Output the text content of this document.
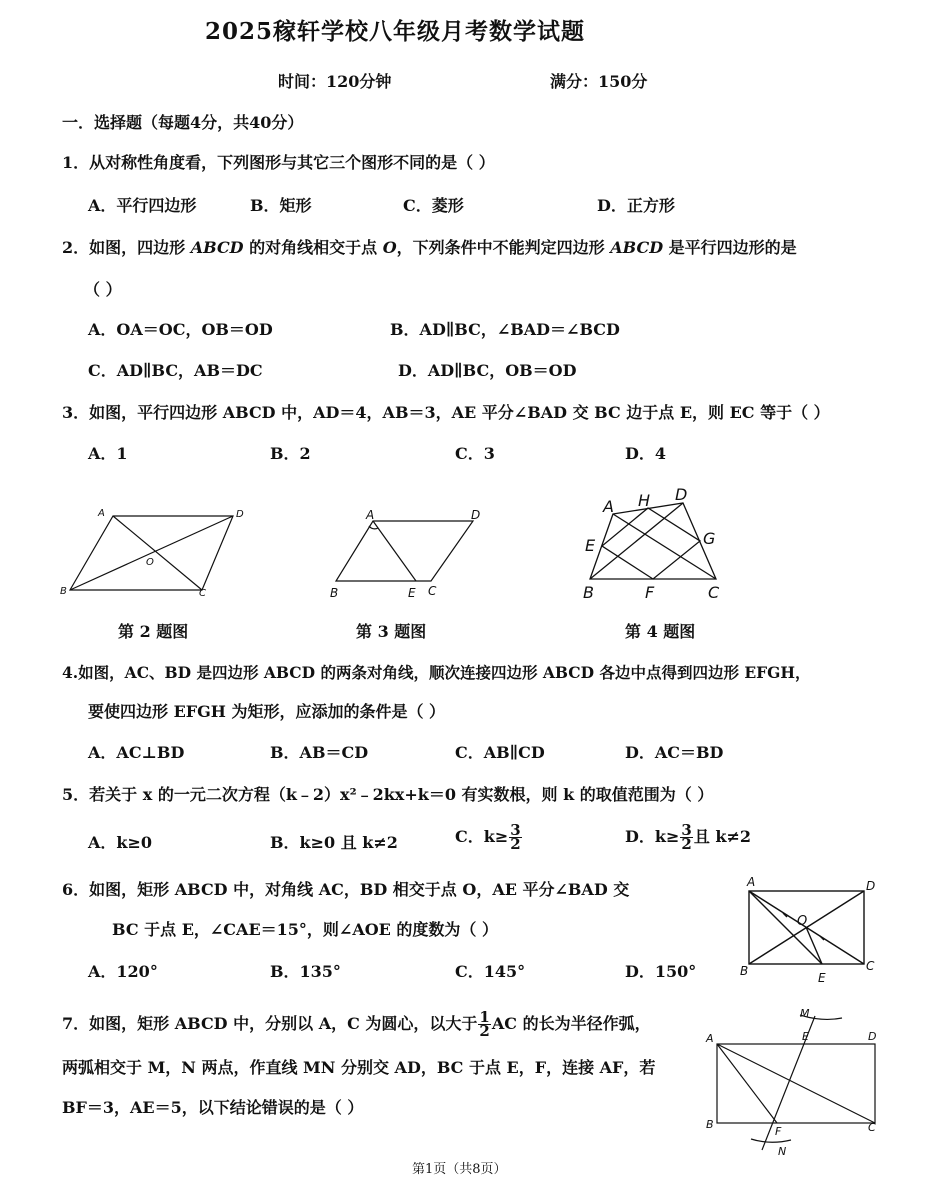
2025稼轩学校八年级月考数学试题
时间：120分钟	满分：150分
一．选择题（每题4分，共40分）
1．从对称性角度看，下列图形与其它三个图形不同的是（ ）
A．平行四边形	B．矩形	C．菱形	D．正方形
2．如图，四边形 ABCD 的对角线相交于点 O，下列条件中不能判定四边形 ABCD 是平行四边形的是
（ ）
A．OA＝OC，OB＝OD	B．AD∥BC，∠BAD＝∠BCD
C．AD∥BC，AB＝DC	D．AD∥BC，OB＝OD
3．如图，平行四边形 ABCD 中，AD＝4，AB＝3，AE 平分∠BAD 交 BC 边于点 E，则 EC 等于（ ）
A．1	B．2	C．3	D．4
A	D
B	C
O
A	D
B	E C
A H D
E	G
B	F	C
第 2 题图	第 3 题图	第 4 题图
4.如图，AC、BD 是四边形 ABCD 的两条对角线，顺次连接四边形 ABCD 各边中点得到四边形 EFGH，
要使四边形 EFGH 为矩形，应添加的条件是（ ）
A．AC⊥BD	B．AB＝CD	C．AB∥CD	D．AC＝BD
5．若关于 x 的一元二次方程（k﹣2）x²﹣2kx+k＝0 有实数根，则 k 的取值范围为（ ）
A．k≥0	B．k≥0 且 k≠2	C．$k\ge \frac{3}{2}$	D．$k\ge \frac{3}{2}$ 且 k≠2
6．如图，矩形 ABCD 中，对角线 AC，BD 相交于点 O，AE 平分∠BAD 交
BC 于点 E，∠CAE＝15°，则∠AOE 的度数为（ ）
A．120°	B．135°	C．145°	D．150°
A	D
B	C
E
O
7．如图，矩形 ABCD 中，分别以 A，C 为圆心，以大于 $\frac{1}{2}$ AC 的长为半径作弧，
两弧相交于 M，N 两点，作直线 MN 分别交 AD，BC 于点 E，F，连接 AF，若
BF＝3，AE＝5，以下结论错误的是（ ）
M
E	D
A
B	C
F
N
第1页（共8页）
